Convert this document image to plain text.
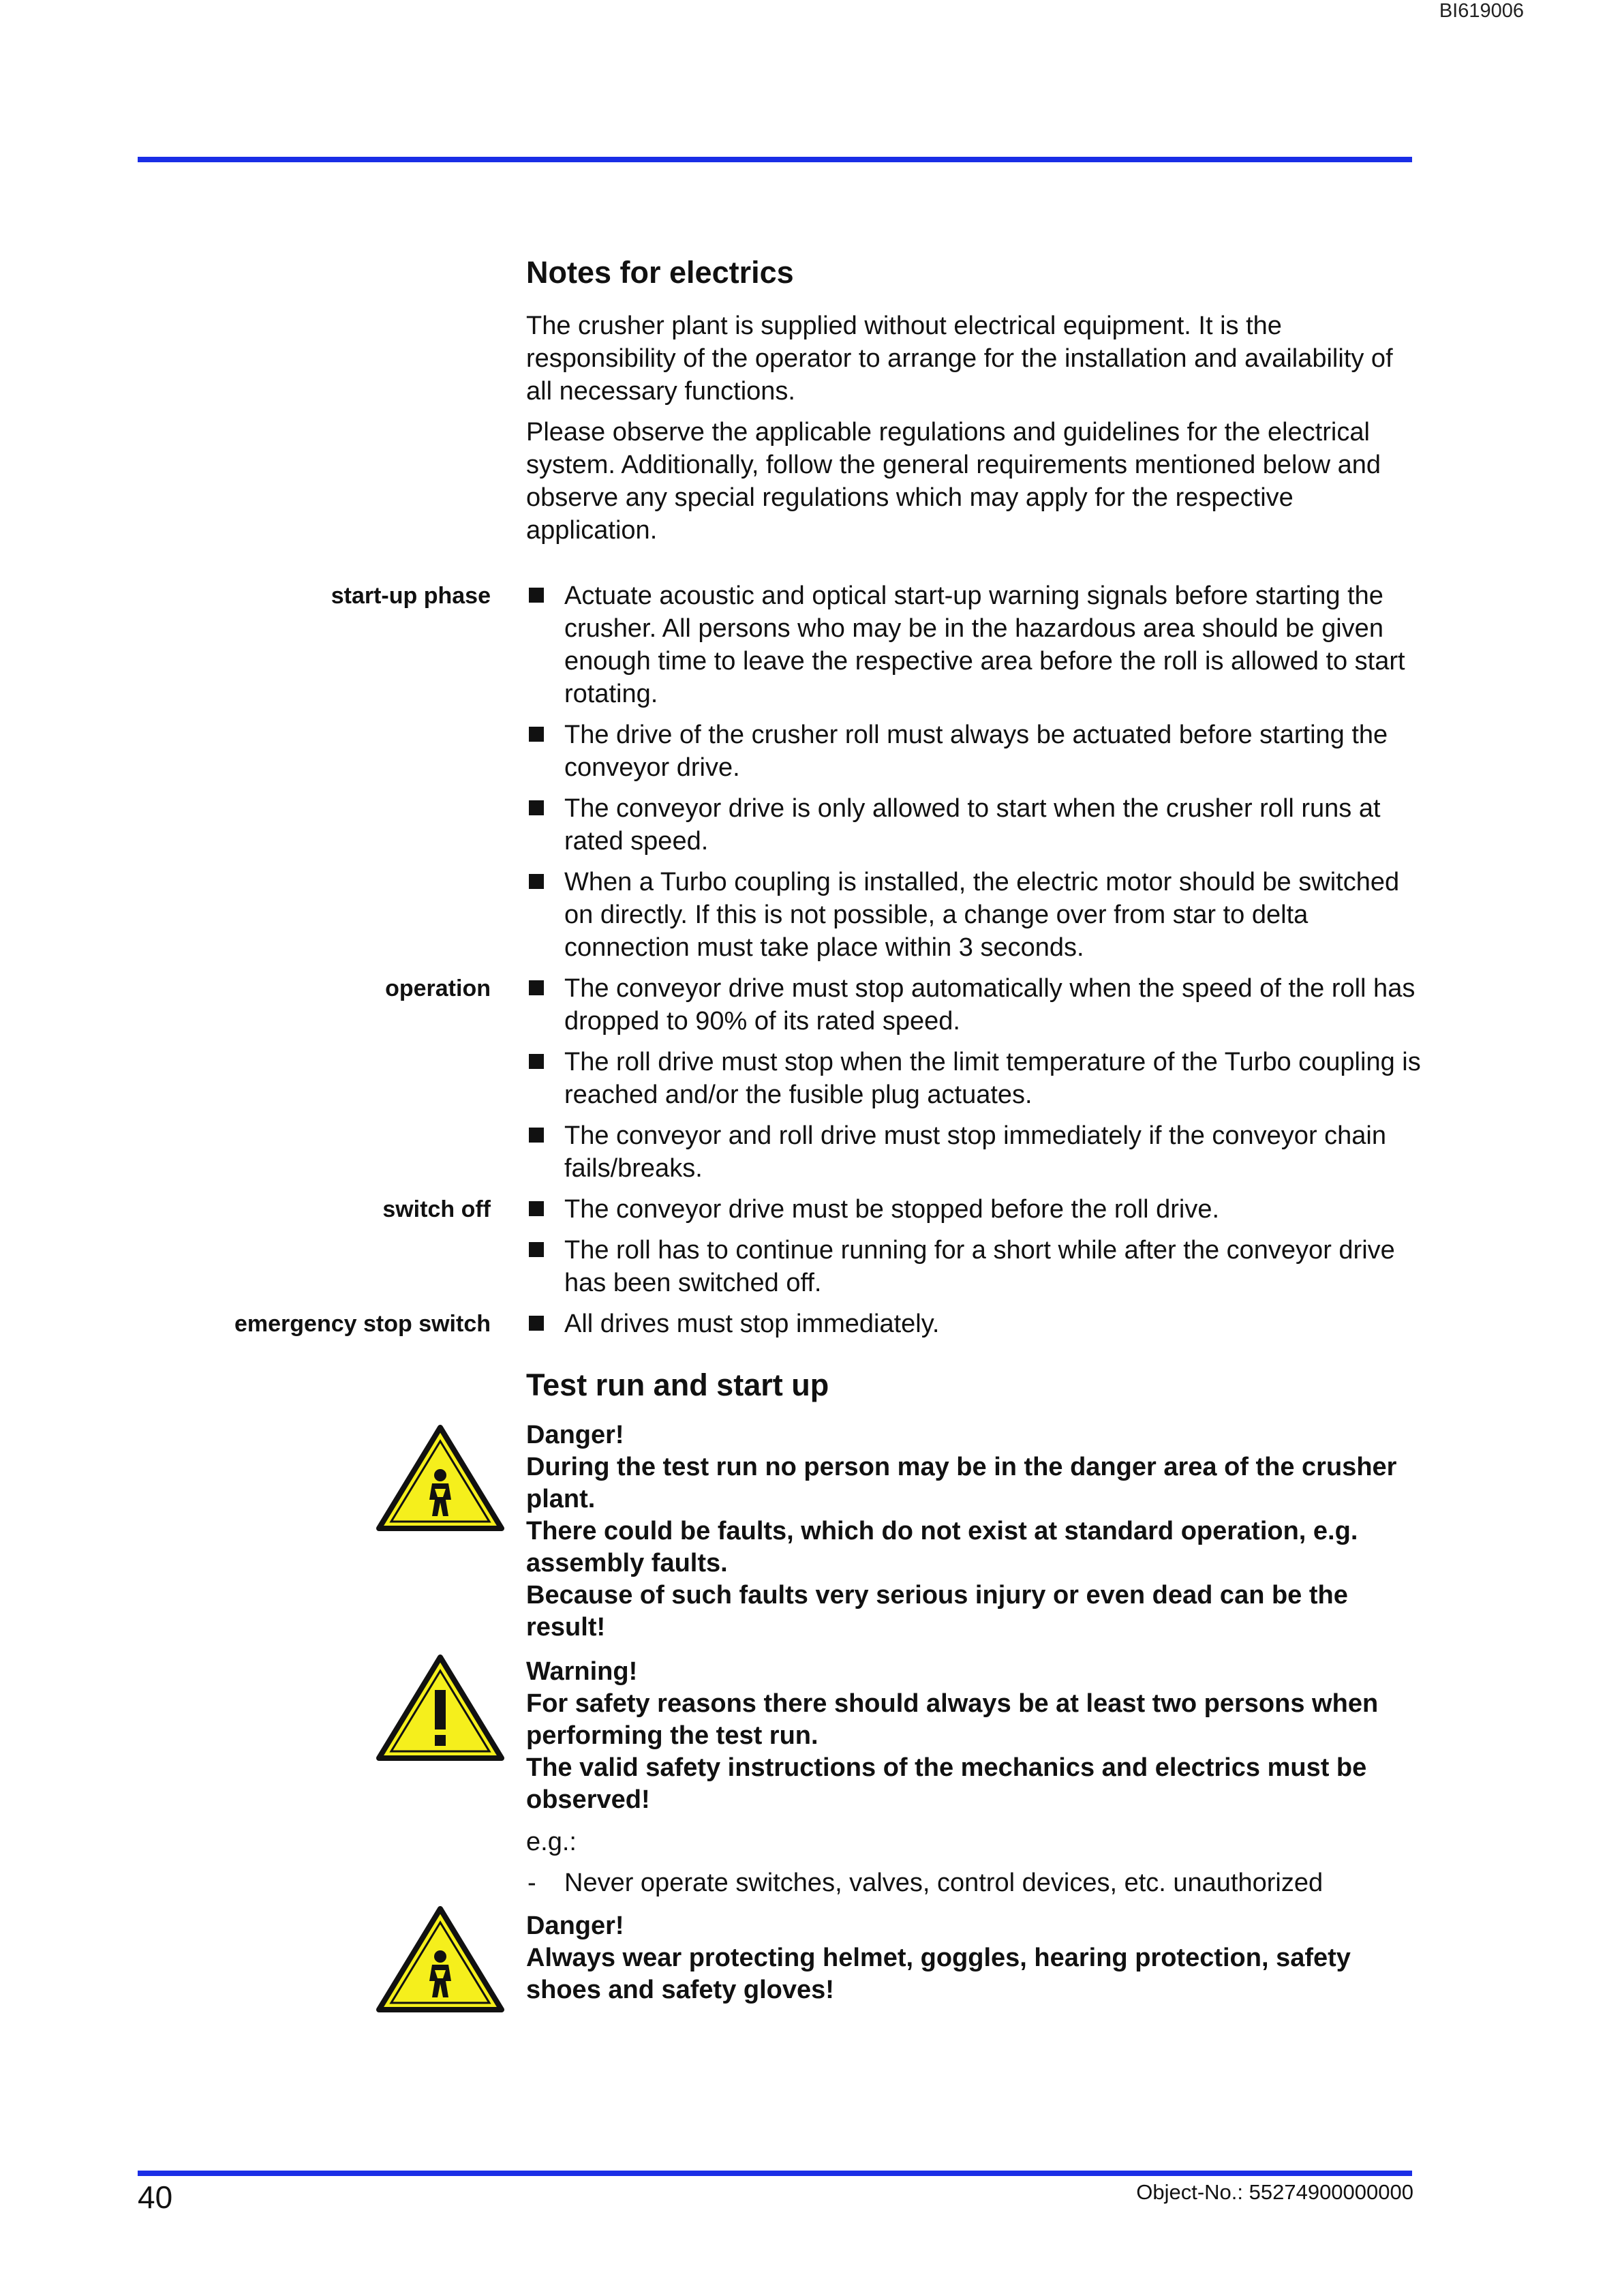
BI619006
Notes for electrics

The crusher plant is supplied without electrical equipment. It is the responsibility of the operator to arrange for the installation and availability of all necessary functions.

Please observe the applicable regulations and guidelines for the electrical system. Additionally, follow the general requirements mentioned below and observe any special regulations which may apply for the respective application.

start-up phase	Actuate acoustic and optical start-up warning signals before starting the crusher. All persons who may be in the hazardous area should be given enough time to leave the respective area before the roll is allowed to start rotating.

The drive of the crusher roll must always be actuated before starting the conveyor drive.

The conveyor drive is only allowed to start when the crusher roll runs at rated speed.

When a Turbo coupling is installed, the electric motor should be switched on directly. If this is not possible, a change over from star to delta connection must take place within 3 seconds.

operation	The conveyor drive must stop automatically when the speed of the roll has dropped to 90% of its rated speed.

The roll drive must stop when the limit temperature of the Turbo coupling is reached and/or the fusible plug actuates.

The conveyor and roll drive must stop immediately if the conveyor chain fails/breaks.

switch off	The conveyor drive must be stopped before the roll drive.

The roll has to continue running for a short while after the conveyor drive has been switched off.

emergency stop switch	All drives must stop immediately.

Test run and start up

Danger!

During the test run no person may be in the danger area of the crusher plant.

There could be faults, which do not exist at standard operation, e.g. assembly faults.

Because of such faults very serious injury or even dead can be the result!

Warning!

For safety reasons there should always be at least two persons when performing the test run.

The valid safety instructions of the mechanics and electrics must be observed!

e.g.:

- Never operate switches, valves, control devices, etc. unauthorized

Danger!

Always wear protecting helmet, goggles, hearing protection, safety shoes and safety gloves!

40	Object-No.: 55274900000000
